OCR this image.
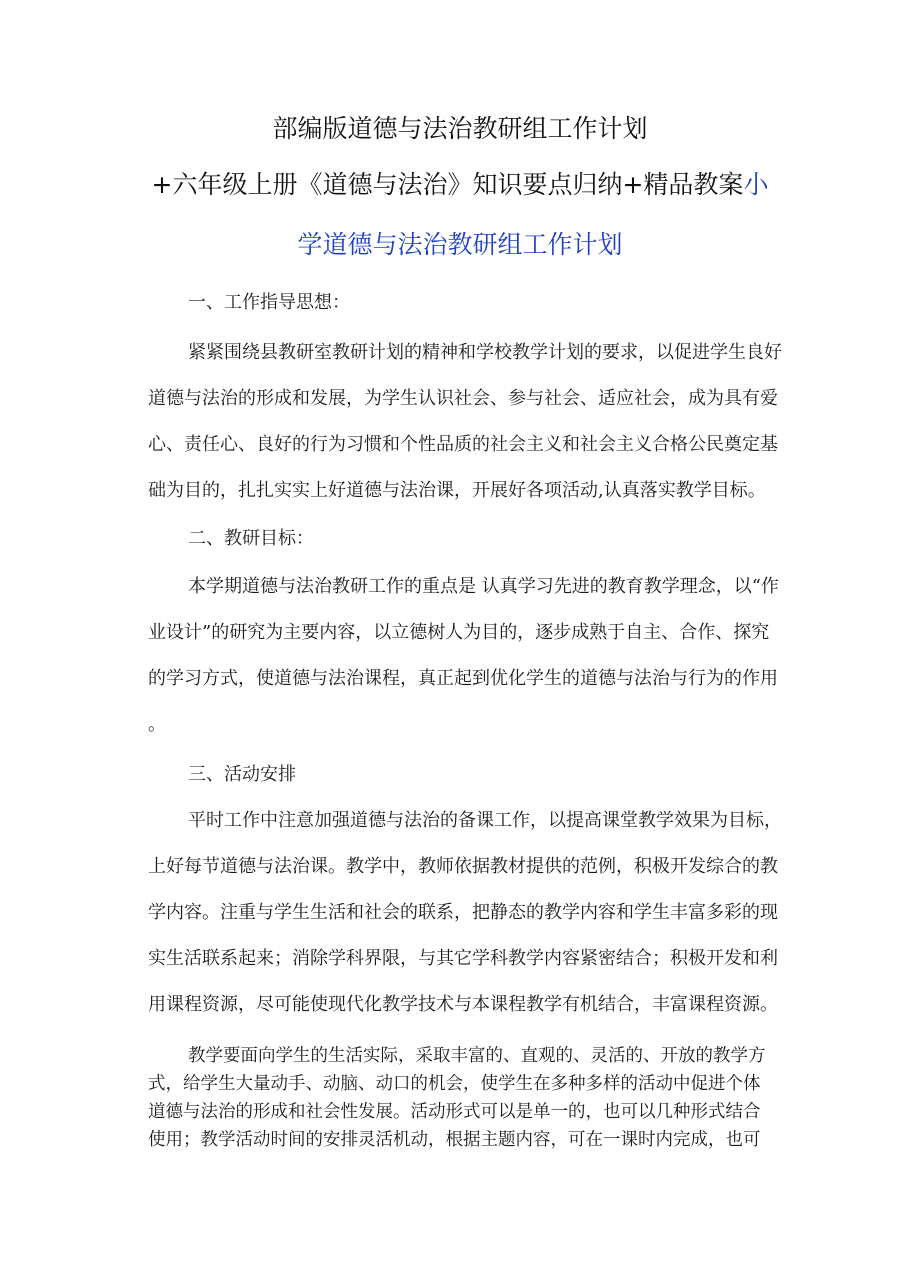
部编版道德与法治教研组工作计划
+六年级上册《道德与法治》知识要点归纳+精品教案小
学道德与法治教研组工作计划
一、工作指导思想：
紧紧围绕县教研室教研计划的精神和学校教学计划的要求，以促进学生良好
道德与法治的形成和发展，为学生认识社会、参与社会、适应社会，成为具有爱
心、责任心、良好的行为习惯和个性品质的社会主义和社会主义合格公民奠定基
础为目的，扎扎实实上好道德与法治课，开展好各项活动,认真落实教学目标。
二、教研目标：
本学期道德与法治教研工作的重点是 认真学习先进的教育教学理念，以“作
业设计”的研究为主要内容，以立德树人为目的，逐步成熟于自主、合作、探究
的学习方式，使道德与法治课程，真正起到优化学生的道德与法治与行为的作用
。
三、活动安排
平时工作中注意加强道德与法治的备课工作，以提高课堂教学效果为目标，
上好每节道德与法治课。教学中，教师依据教材提供的范例，积极开发综合的教
学内容。注重与学生生活和社会的联系，把静态的教学内容和学生丰富多彩的现
实生活联系起来；消除学科界限，与其它学科教学内容紧密结合；积极开发和利
用课程资源，尽可能使现代化教学技术与本课程教学有机结合，丰富课程资源。
教学要面向学生的生活实际，采取丰富的、直观的、灵活的、开放的教学方
式，给学生大量动手、动脑、动口的机会，使学生在多种多样的活动中促进个体
道德与法治的形成和社会性发展。活动形式可以是单一的，也可以几种形式结合
使用；教学活动时间的安排灵活机动，根据主题内容，可在一课时内完成，也可
